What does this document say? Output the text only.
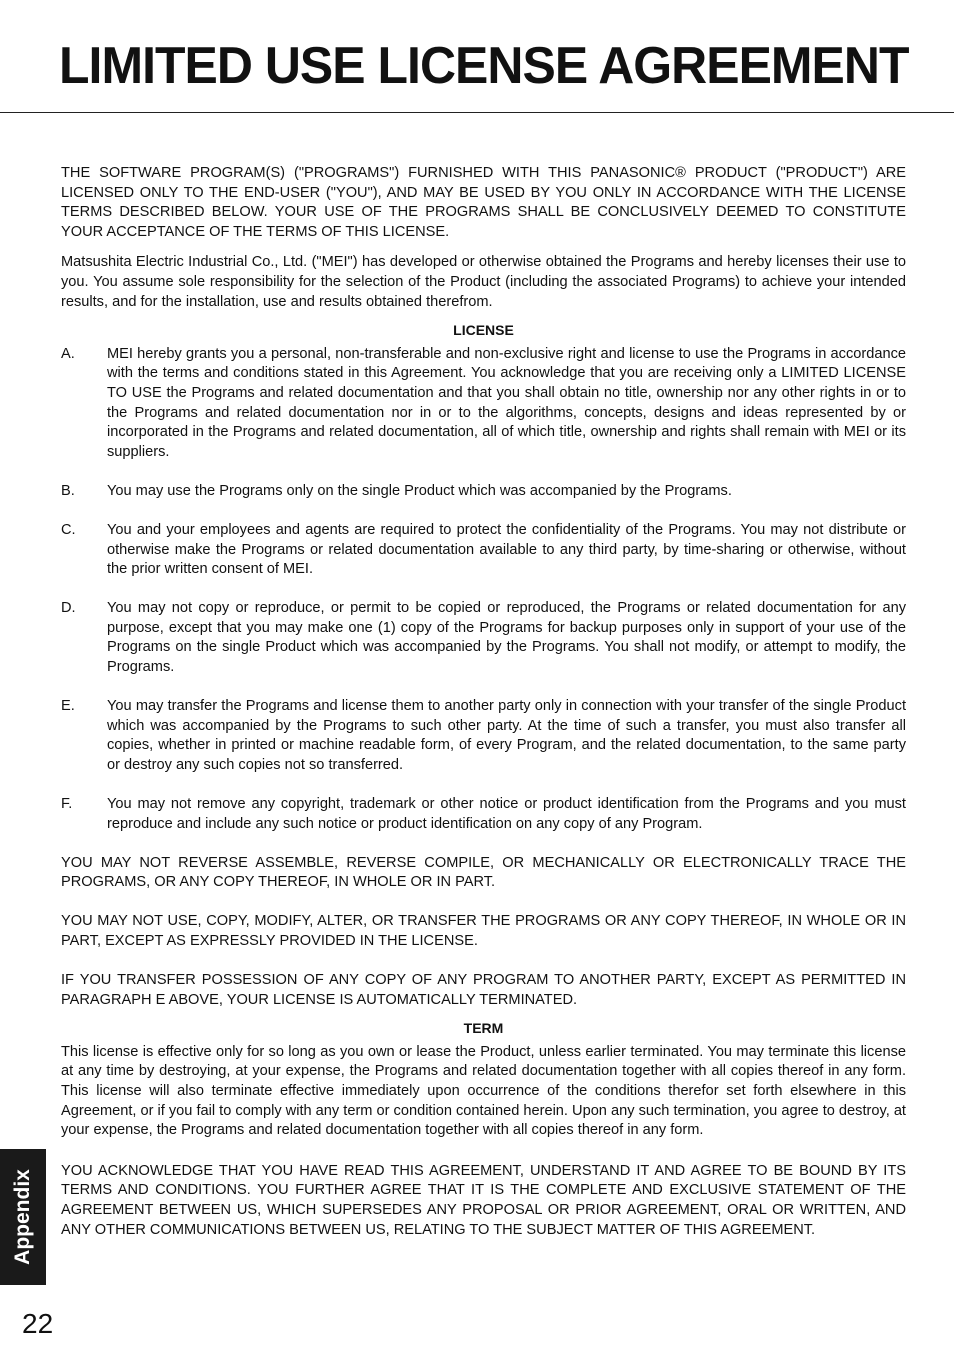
LIMITED USE LICENSE AGREEMENT

THE SOFTWARE PROGRAM(S) ("PROGRAMS") FURNISHED WITH THIS PANASONIC® PRODUCT ("PRODUCT") ARE LICENSED ONLY TO THE END-USER ("YOU"), AND MAY BE USED BY YOU ONLY IN ACCORDANCE WITH THE LICENSE TERMS DESCRIBED BELOW. YOUR USE OF THE PROGRAMS SHALL BE CONCLUSIVELY DEEMED TO CONSTITUTE YOUR ACCEPTANCE OF THE TERMS OF THIS LICENSE.

Matsushita Electric Industrial Co., Ltd. ("MEI") has developed or otherwise obtained the Programs and hereby licenses their use to you. You assume sole responsibility for the selection of the Product (including the associated Programs) to achieve your intended results, and for the installation, use and results obtained therefrom.

LICENSE

A.	MEI hereby grants you a personal, non-transferable and non-exclusive right and license to use the Programs in accordance with the terms and conditions stated in this Agreement. You acknowledge that you are receiving only a LIMITED LICENSE TO USE the Programs and related documentation and that you shall obtain no title, ownership nor any other rights in or to the Programs and related documentation nor in or to the algorithms, concepts, designs and ideas represented by or incorporated in the Programs and related documentation, all of which title, ownership and rights shall remain with MEI or its suppliers.
B.	You may use the Programs only on the single Product which was accompanied by the Programs.
C.	You and your employees and agents are required to protect the confidentiality of the Programs. You may not distribute or otherwise make the Programs or related documentation available to any third party, by time-sharing or otherwise, without the prior written consent of MEI.
D.	You may not copy or reproduce, or permit to be copied or reproduced, the Programs or related documentation for any purpose, except that you may make one (1) copy of the Programs for backup purposes only in support of your use of the Programs on the single Product which was accompanied by the Programs. You shall not modify, or attempt to modify, the Programs.
E.	You may transfer the Programs and license them to another party only in connection with your transfer of the single Product which was accompanied by the Programs to such other party. At the time of such a transfer, you must also transfer all copies, whether in printed or machine readable form, of every Program, and the related documentation, to the same party or destroy any such copies not so transferred.
F.	You may not remove any copyright, trademark or other notice or product identification from the Programs and you must reproduce and include any such notice or product identification on any copy of any Program.

YOU MAY NOT REVERSE ASSEMBLE, REVERSE COMPILE, OR MECHANICALLY OR ELECTRONICALLY TRACE THE PROGRAMS, OR ANY COPY THEREOF, IN WHOLE OR IN PART.

YOU MAY NOT USE, COPY, MODIFY, ALTER, OR TRANSFER THE PROGRAMS OR ANY COPY THEREOF, IN WHOLE OR IN PART, EXCEPT AS EXPRESSLY PROVIDED IN THE LICENSE.

IF YOU TRANSFER POSSESSION OF ANY COPY OF ANY PROGRAM TO ANOTHER PARTY, EXCEPT AS PERMITTED IN PARAGRAPH E ABOVE, YOUR LICENSE IS AUTOMATICALLY TERMINATED.

TERM

This license is effective only for so long as you own or lease the Product, unless earlier terminated. You may terminate this license at any time by destroying, at your expense, the Programs and related documentation together with all copies thereof in any form. This license will also terminate effective immediately upon occurrence of the conditions therefor set forth elsewhere in this Agreement, or if you fail to comply with any term or condition contained herein. Upon any such termination, you agree to destroy, at your expense, the Programs and related documentation together with all copies thereof in any form.

YOU ACKNOWLEDGE THAT YOU HAVE READ THIS AGREEMENT, UNDERSTAND IT AND AGREE TO BE BOUND BY ITS TERMS AND CONDITIONS. YOU FURTHER AGREE THAT IT IS THE COMPLETE AND EXCLUSIVE STATEMENT OF THE AGREEMENT BETWEEN US, WHICH SUPERSEDES ANY PROPOSAL OR PRIOR AGREEMENT, ORAL OR WRITTEN, AND ANY OTHER COMMUNICATIONS BETWEEN US, RELATING TO THE SUBJECT MATTER OF THIS AGREEMENT.

Appendix
22
